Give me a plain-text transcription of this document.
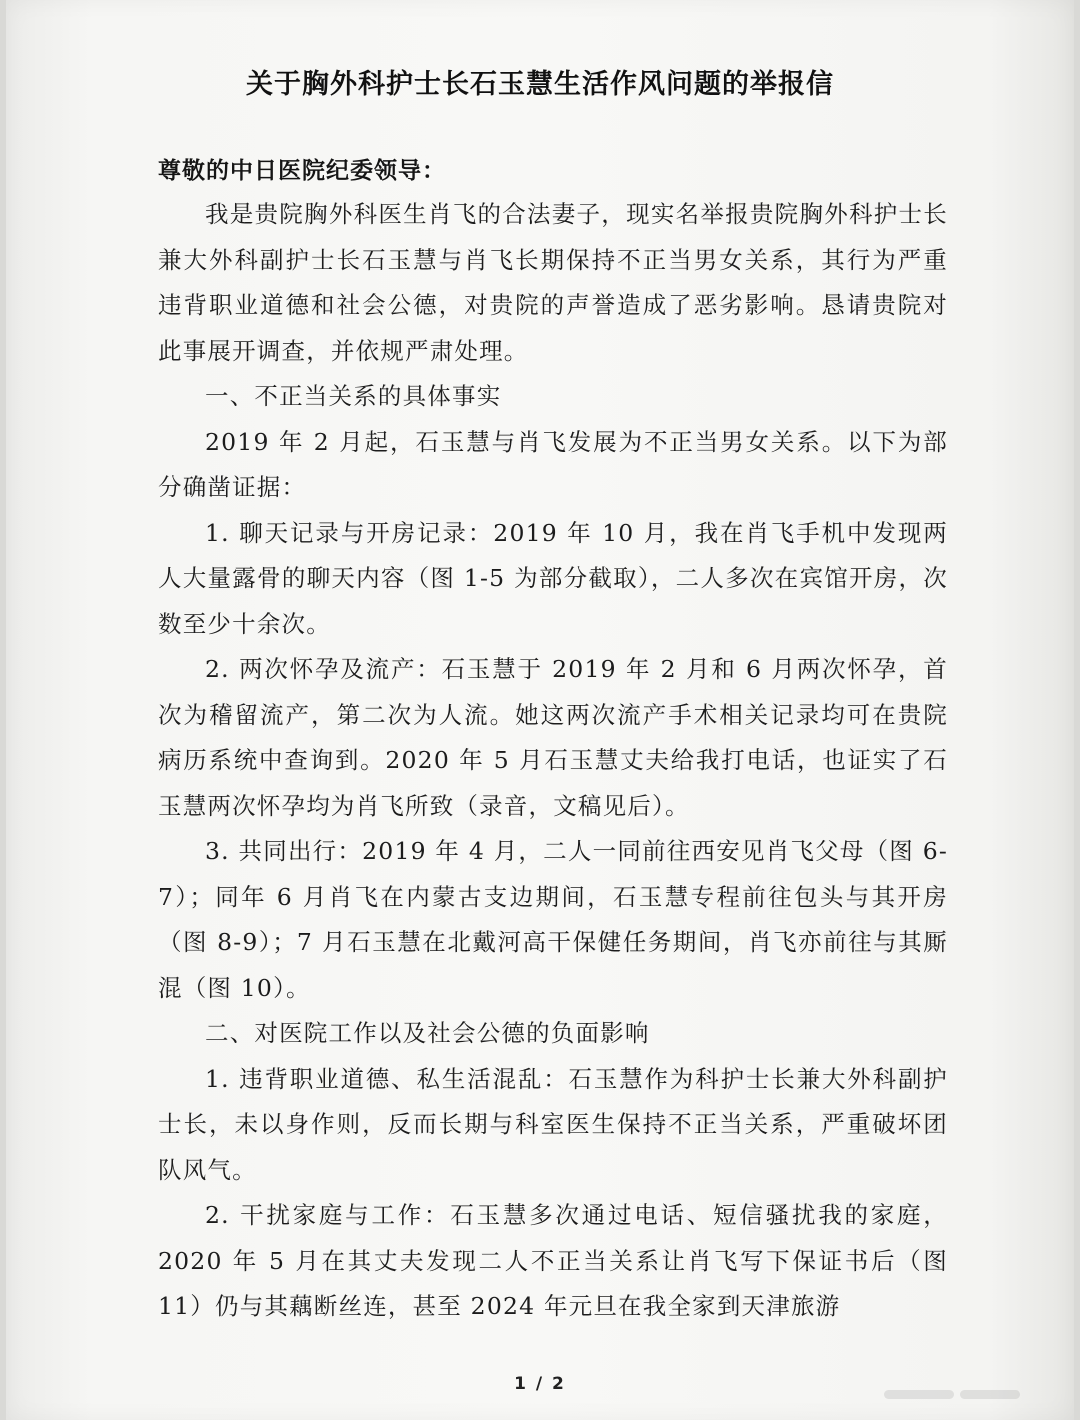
关于胸外科护士长石玉慧生活作风问题的举报信

尊敬的中日医院纪委领导：

我是贵院胸外科医生肖飞的合法妻子，现实名举报贵院胸外科护士长兼大外科副护士长石玉慧与肖飞长期保持不正当男女关系，其行为严重违背职业道德和社会公德，对贵院的声誉造成了恶劣影响。恳请贵院对此事展开调查，并依规严肃处理。

一、不正当关系的具体事实

2019 年 2 月起，石玉慧与肖飞发展为不正当男女关系。以下为部分确凿证据：

1. 聊天记录与开房记录：2019 年 10 月，我在肖飞手机中发现两人大量露骨的聊天内容（图 1-5 为部分截取），二人多次在宾馆开房，次数至少十余次。

2. 两次怀孕及流产：石玉慧于 2019 年 2 月和 6 月两次怀孕，首次为稽留流产，第二次为人流。她这两次流产手术相关记录均可在贵院病历系统中查询到。2020 年 5 月石玉慧丈夫给我打电话，也证实了石玉慧两次怀孕均为肖飞所致（录音，文稿见后）。

3. 共同出行：2019 年 4 月，二人一同前往西安见肖飞父母（图 6-7）；同年 6 月肖飞在内蒙古支边期间，石玉慧专程前往包头与其开房（图 8-9）；7 月石玉慧在北戴河高干保健任务期间，肖飞亦前往与其厮混（图 10）。

二、对医院工作以及社会公德的负面影响

1. 违背职业道德、私生活混乱：石玉慧作为科护士长兼大外科副护士长，未以身作则，反而长期与科室医生保持不正当关系，严重破坏团队风气。

2. 干扰家庭与工作：石玉慧多次通过电话、短信骚扰我的家庭，2020 年 5 月在其丈夫发现二人不正当关系让肖飞写下保证书后（图 11）仍与其藕断丝连，甚至 2024 年元旦在我全家到天津旅游

1 / 2
